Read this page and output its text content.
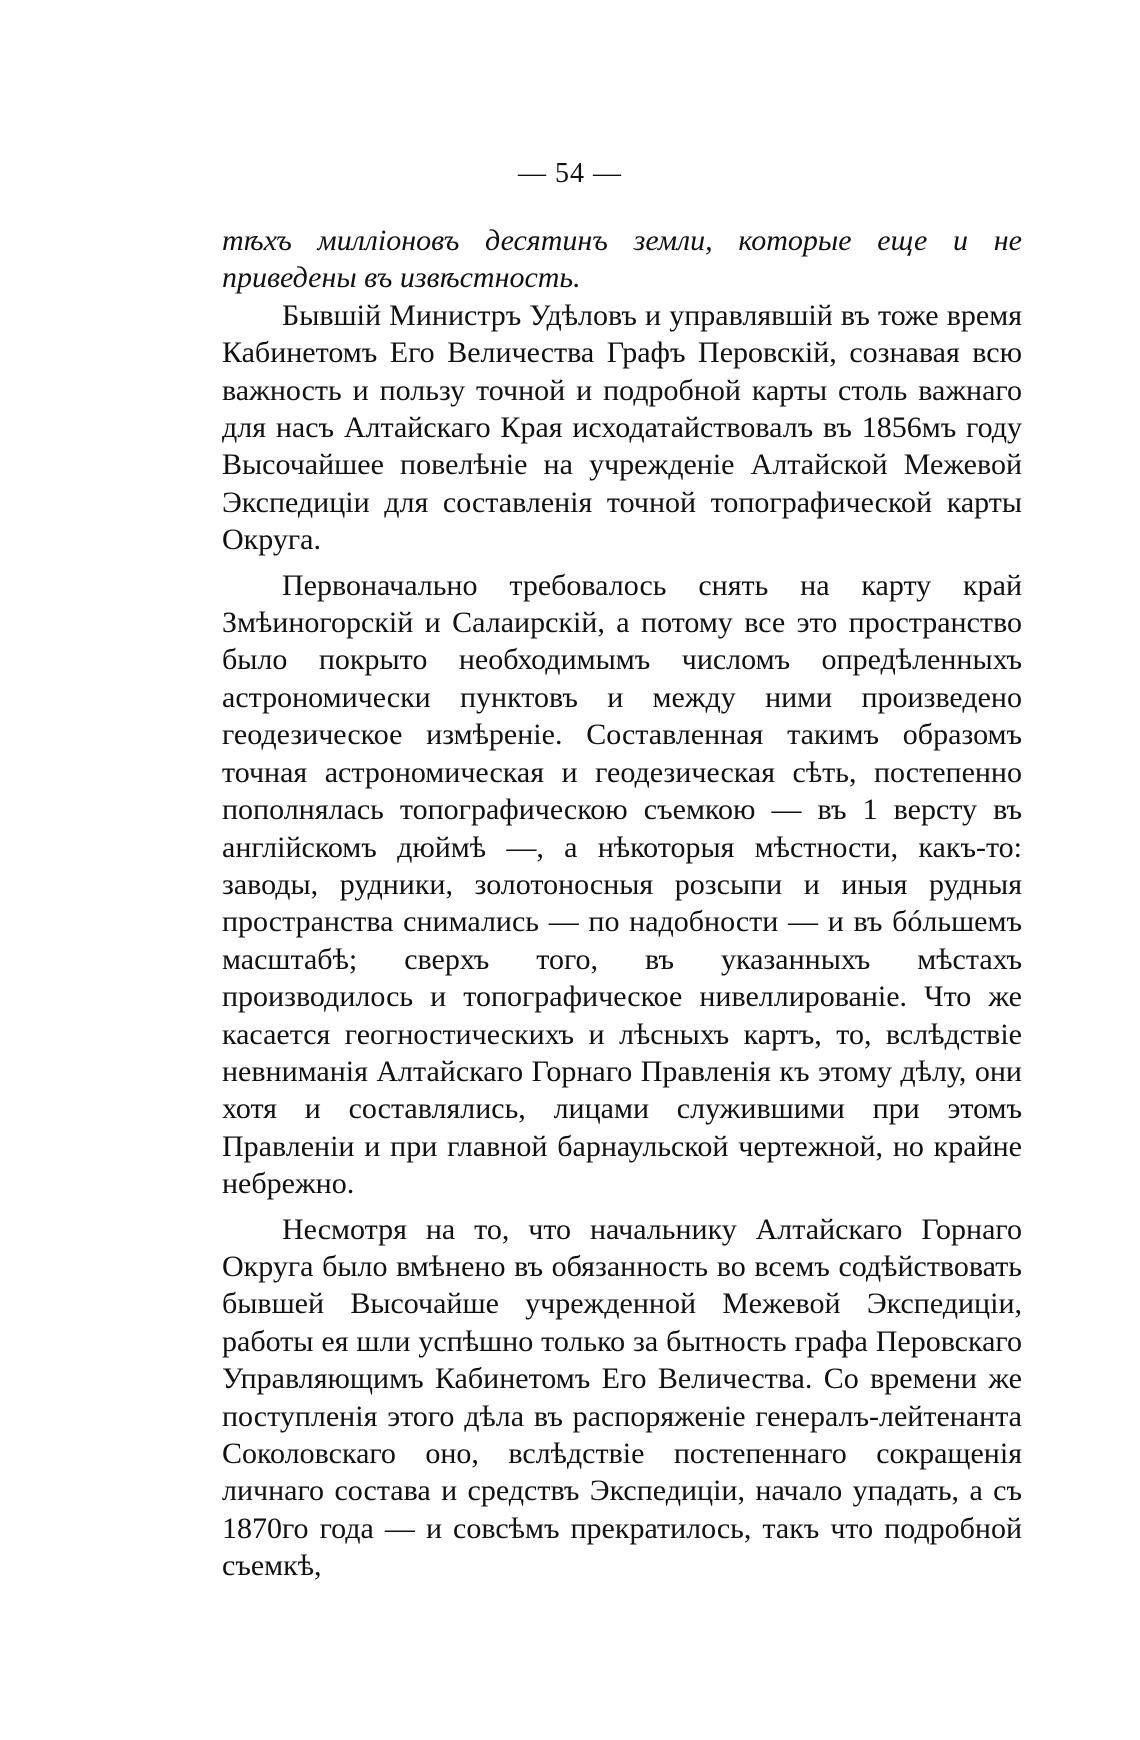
— 54 —

тѣхъ милліоновъ десятинъ земли, которые еще и не приведены въ извѣстность.

Бывшій Министръ Удѣловъ и управлявшій въ тоже время Кабинетомъ Его Величества Графъ Перовскій, сознавая всю важность и пользу точной и подробной карты столь важнаго для насъ Алтайскаго Края исходатайствовалъ въ 1856мъ году Высочайшее повелѣніе на учрежденіе Алтайской Межевой Экспедиціи для составленія точной топографической карты Округа.

Первоначально требовалось снять на карту край Змѣиногорскій и Салаирскій, а потому все это пространство было покрыто необходимымъ числомъ опредѣленныхъ астрономически пунктовъ и между ними произведено геодезическое измѣреніе. Составленная такимъ образомъ точная астрономическая и геодезическая сѣть, постепенно пополнялась топографическою съемкою — въ 1 версту въ англійскомъ дюймѣ —, а нѣкоторыя мѣстности, какъ-то: заводы, рудники, золотоносныя розсыпи и иныя рудныя пространства снимались — по надобности — и въ бóльшемъ масштабѣ; сверхъ того, въ указанныхъ мѣстахъ производилось и топографическое нивеллированіе. Что же касается геогностическихъ и лѣсныхъ картъ, то, вслѣдствіе невниманія Алтайскаго Горнаго Правленія къ этому дѣлу, они хотя и составлялись, лицами служившими при этомъ Правленіи и при главной барнаульской чертежной, но крайне небрежно.

Несмотря на то, что начальнику Алтайскаго Горнаго Округа было вмѣнено въ обязанность во всемъ содѣйствовать бывшей Высочайше учрежденной Межевой Экспедиціи, работы ея шли успѣшно только за бытность графа Перовскаго Управляющимъ Кабинетомъ Его Величества. Со времени же поступленія этого дѣла въ распоряженіе генералъ-лейтенанта Соколовскаго оно, вслѣдствіе постепеннаго сокращенія личнаго состава и средствъ Экспедиціи, начало упадать, а съ 1870го года — и совсѣмъ прекратилось, такъ что подробной съемкѣ,
